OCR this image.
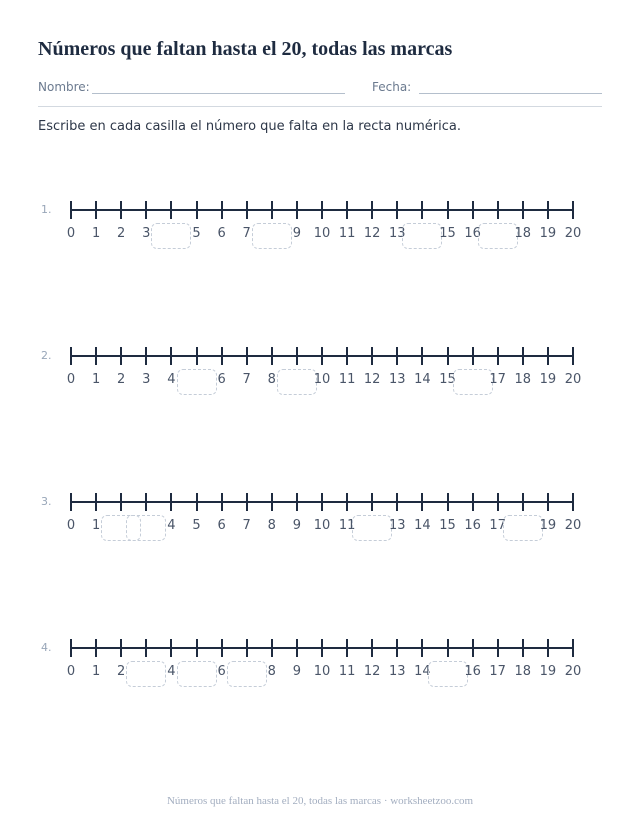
Números que faltan hasta el 20, todas las marcas
Nombre:	Fecha:
Escribe en cada casilla el número que falta en la recta numérica.
1.
0	1	2	3	5	6	7	9 10 11 12 13	15 16	18 19 20
2.
0	1	2	3	4	6	7	8	10 11 12 13 14 15	17 18 19 20
3.
0	1	4	5	6	7	8	9 10 11	13 14 15 16 17	19 20
4.
0	1	2	4	6	8	9 10 11 12 13 14	16 17 18 19 20
Números que faltan hasta el 20, todas las marcas · worksheetzoo.com
